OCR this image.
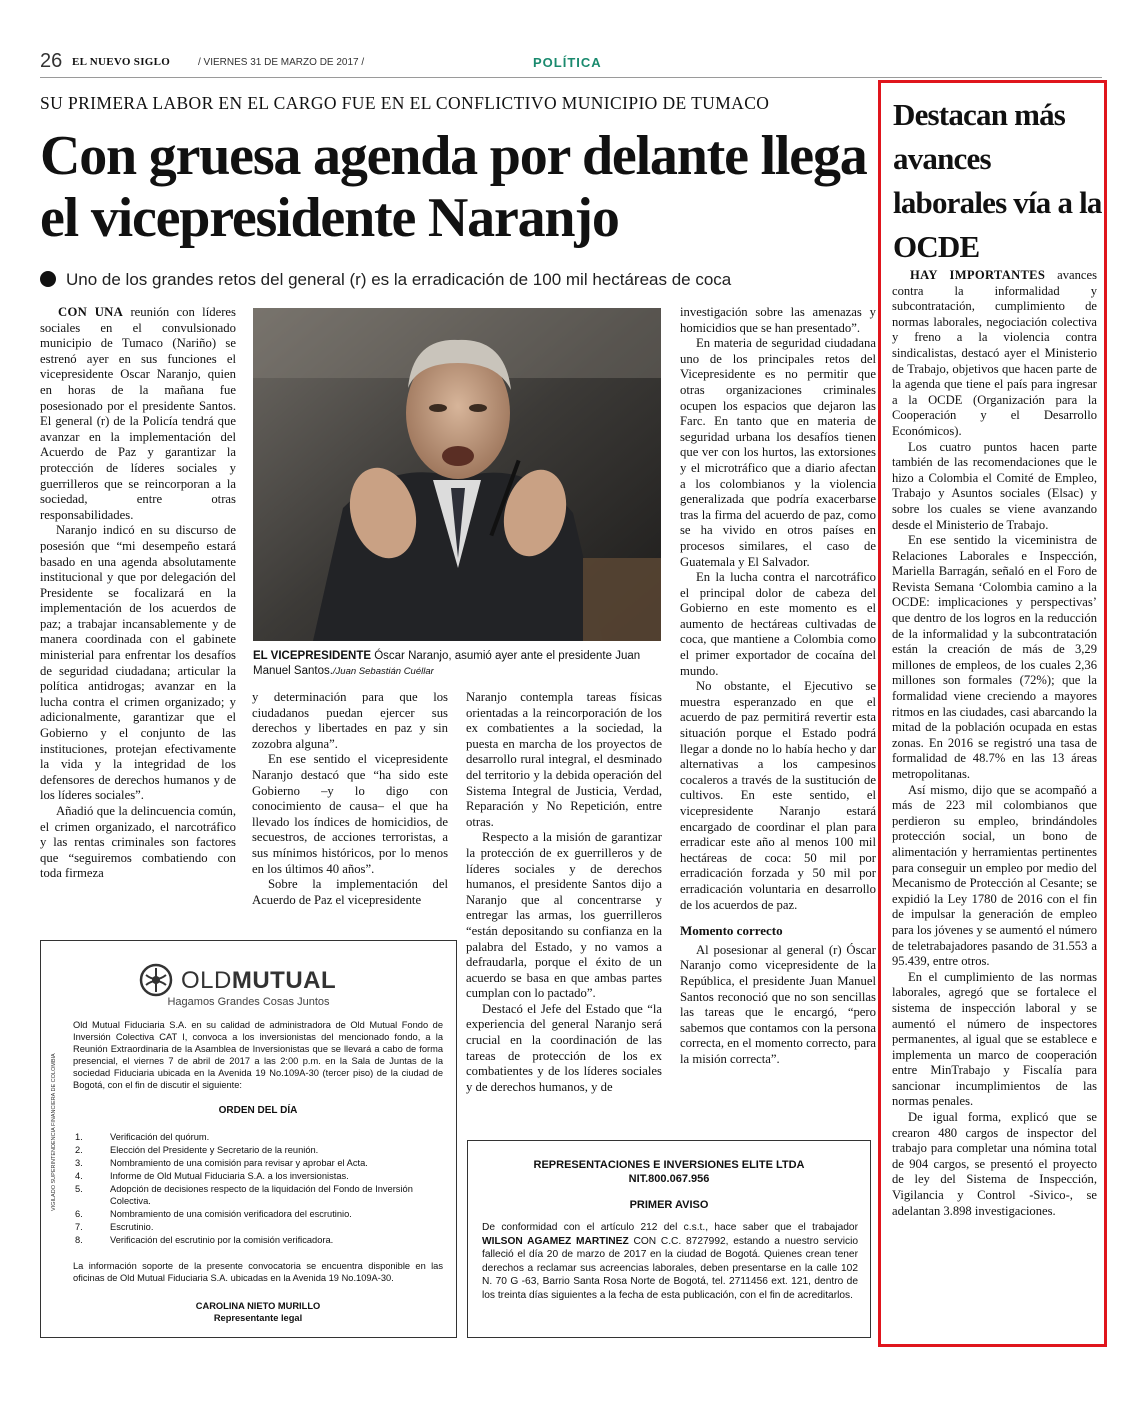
26 EL NUEVO SIGLO	/ VIERNES 31 DE MARZO DE 2017 /	POLÍTICA
SU PRIMERA LABOR EN EL CARGO FUE EN EL CONFLICTIVO MUNICIPIO DE TUMACO
Con gruesa agenda por delante llega el vicepresidente Naranjo
Uno de los grandes retos del general (r) es la erradicación de 100 mil hectáreas de coca

CON UNA reunión con líderes sociales en el convulsionado municipio de Tumaco (Nariño) se estrenó ayer en sus funciones el vicepresidente Oscar Naranjo, quien en horas de la mañana fue posesionado por el presidente Santos. El general (r) de la Policía tendrá que avanzar en la implementación del Acuerdo de Paz y garantizar la protección de líderes sociales y guerrilleros que se reincorporan a la sociedad, entre otras responsabilidades.

Naranjo indicó en su discurso de posesión que “mi desempeño estará basado en una agenda absolutamente institucional y que por delegación del Presidente se focalizará en la implementación de los acuerdos de paz; a trabajar incansablemente y de manera coordinada con el gabinete ministerial para enfrentar los desafíos de seguridad ciudadana; articular la política antidrogas; avanzar en la lucha contra el crimen organizado; y adicionalmente, garantizar que el Gobierno y el conjunto de las instituciones, protejan efectivamente la vida y la integridad de los defensores de derechos humanos y de los líderes sociales”.

Añadió que la delincuencia común, el crimen organizado, el narcotráfico y las rentas criminales son factores que “seguiremos combatiendo con toda firmeza

EL VICEPRESIDENTE Óscar Naranjo, asumió ayer ante el presidente Juan Manuel Santos./Juan Sebastián Cuéllar

y determinación para que los ciudadanos puedan ejercer sus derechos y libertades en paz y sin zozobra alguna”.

En ese sentido el vicepresidente Naranjo destacó que “ha sido este Gobierno –y lo digo con conocimiento de causa– el que ha llevado los índices de homicidios, de secuestros, de acciones terroristas, a sus mínimos históricos, por lo menos en los últimos 40 años”.

Sobre la implementación del Acuerdo de Paz el vicepresidente

Naranjo contempla tareas físicas orientadas a la reincorporación de los ex combatientes a la sociedad, la puesta en marcha de los proyectos de desarrollo rural integral, el desminado del territorio y la debida operación del Sistema Integral de Justicia, Verdad, Reparación y No Repetición, entre otras.

Respecto a la misión de garantizar la protección de ex guerrilleros y de líderes sociales y de derechos humanos, el presidente Santos dijo a Naranjo que al concentrarse y entregar las armas, los guerrilleros “están depositando su confianza en la palabra del Estado, y no vamos a defraudarla, porque el éxito de un acuerdo se basa en que ambas partes cumplan con lo pactado”.

Destacó el Jefe del Estado que “la experiencia del general Naranjo será crucial en la coordinación de las tareas de protección de los ex combatientes y de los líderes sociales y de derechos humanos, y de

investigación sobre las amenazas y homicidios que se han presentado”.

En materia de seguridad ciudadana uno de los principales retos del Vicepresidente es no permitir que otras organizaciones criminales ocupen los espacios que dejaron las Farc. En tanto que en materia de seguridad urbana los desafíos tienen que ver con los hurtos, las extorsiones y el microtráfico que a diario afectan a los colombianos y la violencia generalizada que podría exacerbarse tras la firma del acuerdo de paz, como se ha vivido en otros países en procesos similares, el caso de Guatemala y El Salvador.

En la lucha contra el narcotráfico el principal dolor de cabeza del Gobierno en este momento es el aumento de hectáreas cultivadas de coca, que mantiene a Colombia como el primer exportador de cocaína del mundo.

No obstante, el Ejecutivo se muestra esperanzado en que el acuerdo de paz permitirá revertir esta situación porque el Estado podrá llegar a donde no lo había hecho y dar alternativas a los campesinos cocaleros a través de la sustitución de cultivos. En este sentido, el vicepresidente Naranjo estará encargado de coordinar el plan para erradicar este año al menos 100 mil hectáreas de coca: 50 mil por erradicación forzada y 50 mil por erradicación voluntaria en desarrollo de los acuerdos de paz.

Momento correcto

Al posesionar al general (r) Óscar Naranjo como vicepresidente de la República, el presidente Juan Manuel Santos reconoció que no son sencillas las tareas que le encargó, “pero sabemos que contamos con la persona correcta, en el momento correcto, para la misión correcta”.

OLDMUTUAL
Hagamos Grandes Cosas Juntos
VIGILADO SUPERINTENDENCIA FINANCIERA DE COLOMBIA

Old Mutual Fiduciaria S.A. en su calidad de administradora de Old Mutual Fondo de Inversión Colectiva CAT I, convoca a los inversionistas del mencionado fondo, a la Reunión Extraordinaria de la Asamblea de Inversionistas que se llevará a cabo de forma presencial, el viernes 7 de abril de 2017 a las 2:00 p.m. en la Sala de Juntas de la sociedad Fiduciaria ubicada en la Avenida 19 No.109A-30 (tercer piso) de la ciudad de Bogotá, con el fin de discutir el siguiente:

ORDEN DEL DÍA

1.	Verificación del quórum.
2.	Elección del Presidente y Secretario de la reunión.
3.	Nombramiento de una comisión para revisar y aprobar el Acta.
4.	Informe de Old Mutual Fiduciaria S.A. a los inversionistas.
5.	Adopción de decisiones respecto de la liquidación del Fondo de Inversión Colectiva.
6.	Nombramiento de una comisión verificadora del escrutinio.
7.	Escrutinio.
8.	Verificación del escrutinio por la comisión verificadora.

La información soporte de la presente convocatoria se encuentra disponible en las oficinas de Old Mutual Fiduciaria S.A. ubicadas en la Avenida 19 No.109A-30.

CAROLINA NIETO MURILLO

Representante legal

REPRESENTACIONES E INVERSIONES ELITE LTDA
NIT.800.067.956
PRIMER AVISO
De conformidad con el artículo 212 del c.s.t., hace saber que el trabajador WILSON AGAMEZ MARTINEZ CON C.C. 8727992, estando a nuestro servicio falleció el día 20 de marzo de 2017 en la ciudad de Bogotá. Quienes crean tener derechos a reclamar sus acreencias laborales, deben presentarse en la calle 102 N. 70 G -63, Barrio Santa Rosa Norte de Bogotá, tel. 2711456 ext. 121, dentro de los treinta días siguientes a la fecha de esta publicación, con el fin de acreditarlos.
Destacan más avances laborales vía a la OCDE

HAY IMPORTANTES avances contra la informalidad y subcontratación, cumplimiento de normas laborales, negociación colectiva y freno a la violencia contra sindicalistas, destacó ayer el Ministerio de Trabajo, objetivos que hacen parte de la agenda que tiene el país para ingresar a la OCDE (Organización para la Cooperación y el Desarrollo Económicos).

Los cuatro puntos hacen parte también de las recomendaciones que le hizo a Colombia el Comité de Empleo, Trabajo y Asuntos sociales (Elsac) y sobre los cuales se viene avanzando desde el Ministerio de Trabajo.

En ese sentido la viceministra de Relaciones Laborales e Inspección, Mariella Barragán, señaló en el Foro de Revista Semana ‘Colombia camino a la OCDE: implicaciones y perspectivas’ que dentro de los logros en la reducción de la informalidad y la subcontratación están la creación de más de 3,29 millones de empleos, de los cuales 2,36 millones son formales (72%); que la formalidad viene creciendo a mayores ritmos en las ciudades, casi abarcando la mitad de la población ocupada en estas zonas. En 2016 se registró una tasa de formalidad de 48.7% en las 13 áreas metropolitanas.

Así mismo, dijo que se acompañó a más de 223 mil colombianos que perdieron su empleo, brindándoles protección social, un bono de alimentación y herramientas pertinentes para conseguir un empleo por medio del Mecanismo de Protección al Cesante; se expidió la Ley 1780 de 2016 con el fin de impulsar la generación de empleo para los jóvenes y se aumentó el número de teletrabajadores pasando de 31.553 a 95.439, entre otros.

En el cumplimiento de las normas laborales, agregó que se fortalece el sistema de inspección laboral y se aumentó el número de inspectores permanentes, al igual que se establece e implementa un marco de cooperación entre MinTrabajo y Fiscalía para sancionar incumplimientos de las normas penales.

De igual forma, explicó que se crearon 480 cargos de inspector del trabajo para completar una nómina total de 904 cargos, se presentó el proyecto de ley del Sistema de Inspección, Vigilancia y Control -Sivico-, se adelantan 3.898 investigaciones.
